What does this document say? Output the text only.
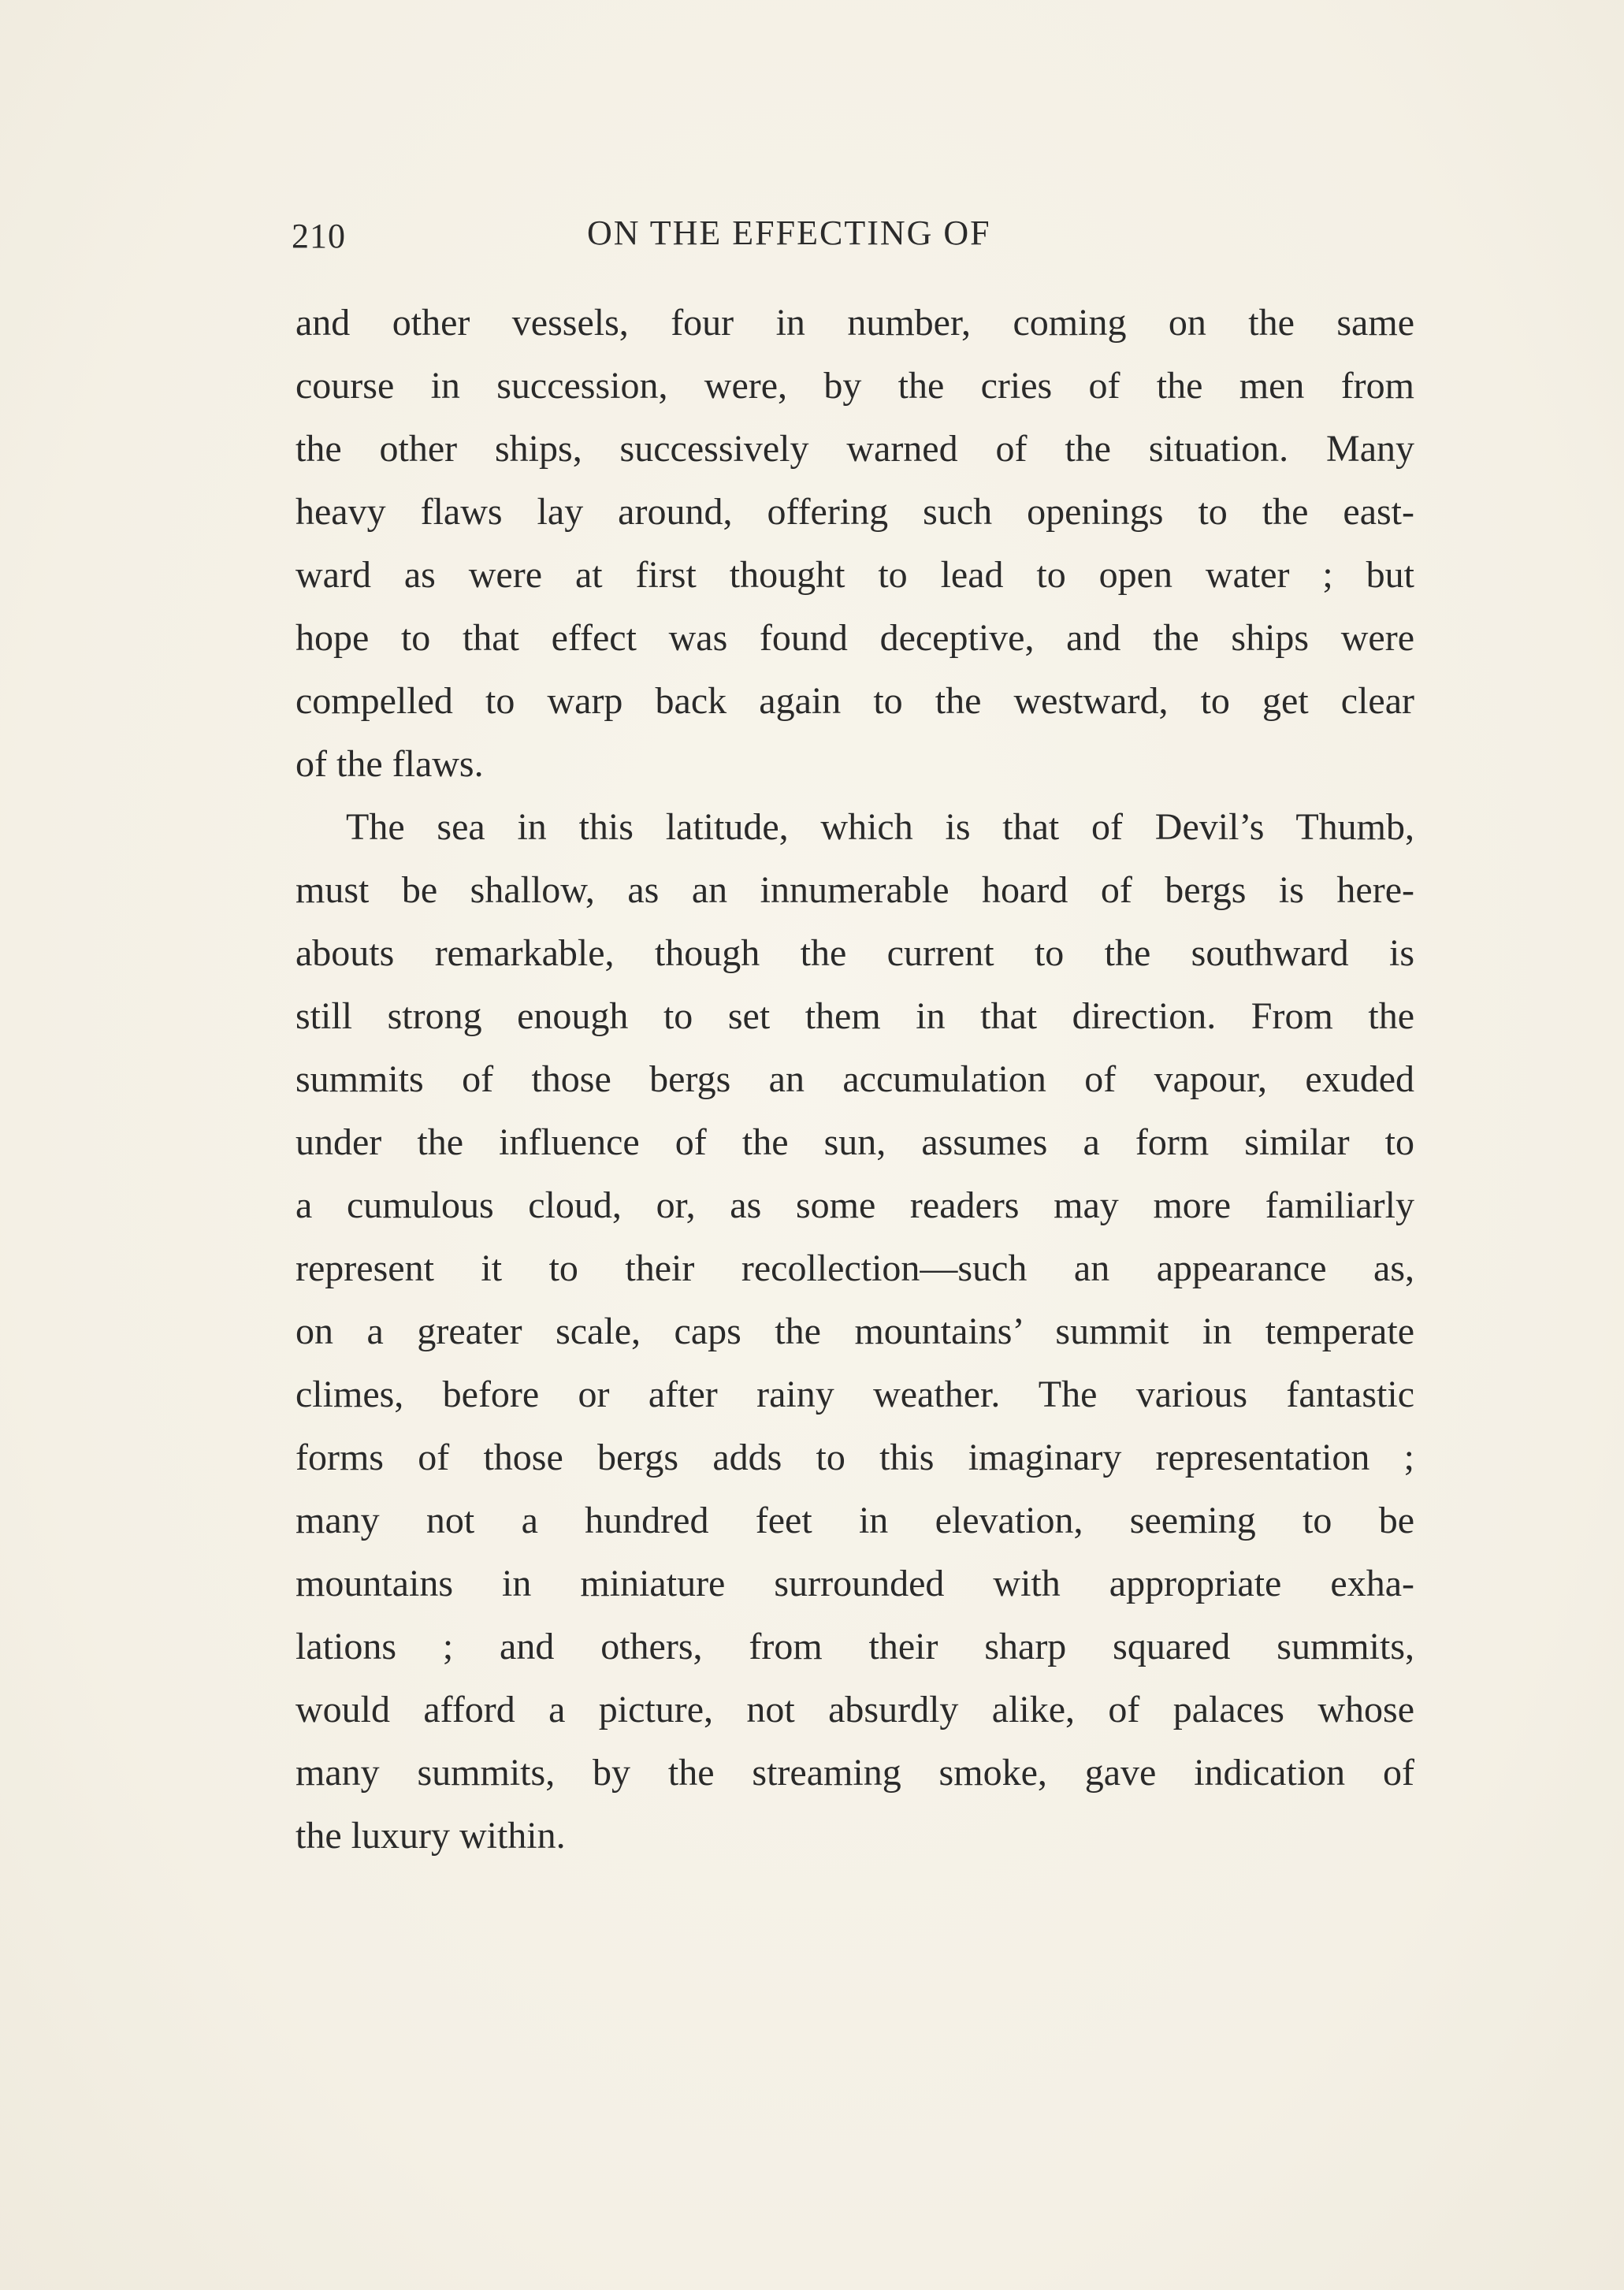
210	ON THE EFFECTING OF
and other vessels, four in number, coming on the same
course in succession, were, by the cries of the men from
the other ships, successively warned of the situation. Many
heavy flaws lay around, offering such openings to the east-
ward as were at first thought to lead to open water ; but
hope to that effect was found deceptive, and the ships were
compelled to warp back again to the westward, to get clear
of the flaws.
The sea in this latitude, which is that of Devil’s Thumb,
must be shallow, as an innumerable hoard of bergs is here-
abouts remarkable, though the current to the southward is
still strong enough to set them in that direction. From the
summits of those bergs an accumulation of vapour, exuded
under the influence of the sun, assumes a form similar to
a cumulous cloud, or, as some readers may more familiarly
represent it to their recollection—such an appearance as,
on a greater scale, caps the mountains’ summit in temperate
climes, before or after rainy weather. The various fantastic
forms of those bergs adds to this imaginary representation ;
many not a hundred feet in elevation, seeming to be
mountains in miniature surrounded with appropriate exha-
lations ; and others, from their sharp squared summits,
would afford a picture, not absurdly alike, of palaces whose
many summits, by the streaming smoke, gave indication of
the luxury within.
